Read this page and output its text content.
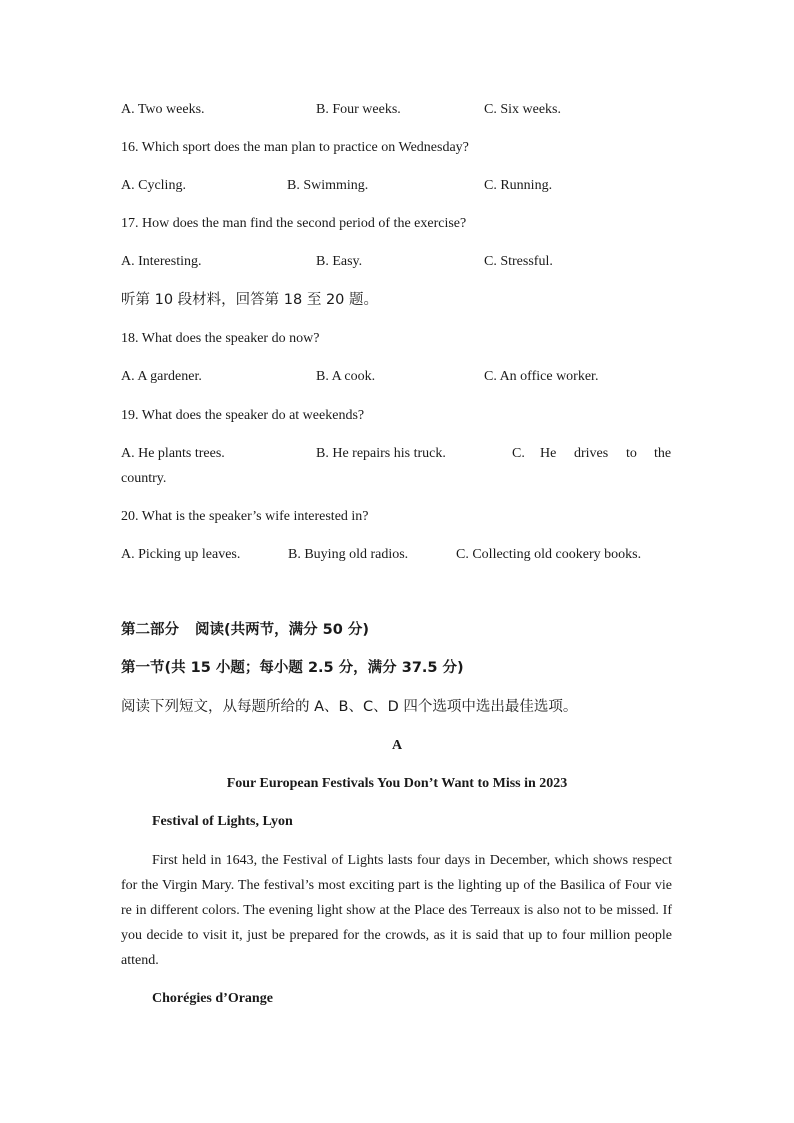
A. Two weeks.	B. Four weeks.	C. Six weeks.
16. Which sport does the man plan to practice on Wednesday?
A. Cycling.	B. Swimming.	C. Running.
17. How does the man find the second period of the exercise?
A. Interesting.	B. Easy.	C. Stressful.
听第 10 段材料，回答第 18 至 20 题。
18. What does the speaker do now?
A. A gardener.	B. A cook.	C. An office worker.
19. What does the speaker do at weekends?
A. He plants trees.	B. He repairs his truck.	C. He drives to the
country.
20. What is the speaker’s wife interested in?
A. Picking up leaves.	B. Buying old radios.	C. Collecting old cookery books.
第二部分 阅读(共两节，满分 50 分)
第一节(共 15 小题；每小题 2.5 分，满分 37.5 分)
阅读下列短文，从每题所给的 A、B、C、D 四个选项中选出最佳选项。
A
Four European Festivals You Don’t Want to Miss in 2023
Festival of Lights, Lyon
First held in 1643, the Festival of Lights lasts four days in December, which shows respect for the Virgin Mary. The festival’s most exciting part is the lighting up of the Basilica of Four vie re in different colors. The evening light show at the Place des Terreaux is also not to be missed. If you decide to visit it, just be prepared for the crowds, as it is said that up to four million people attend.
Chorégies d’Orange
